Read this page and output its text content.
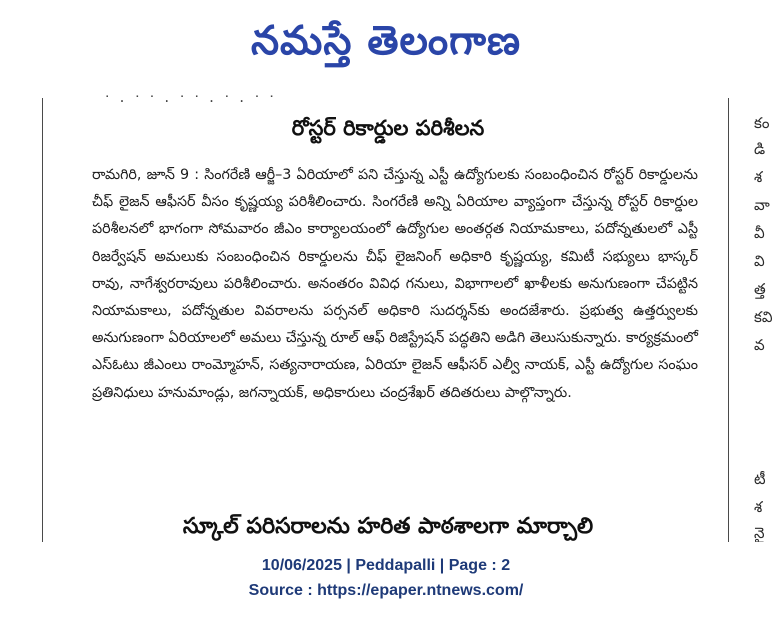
నమస్తే తెలంగాణ
ᐧ . ᐧ ᐧ . ᐧ ᐧ . ᐧ . ᐧ ᐧ
రోస్టర్ రికార్డుల పరిశీలన
రామగిరి, జూన్ 9 : సింగరేణి ఆర్జీ–3 ఏరియాలో పని చేస్తున్న ఎస్టీ ఉద్యోగులకు సంబంధించిన రోస్టర్ రికార్డులను చీఫ్ లైజన్ ఆఫీసర్ వీసం కృష్ణయ్య పరిశీలించారు. సింగరేణి అన్ని ఏరియాల వ్యాప్తంగా చేస్తున్న రోస్టర్ రికార్డుల పరిశీలనలో భాగంగా సోమవారం జీఎం కార్యాలయంలో ఉద్యోగుల అంతర్గత నియామకాలు, పదోన్నతులలో ఎస్టీ రిజర్వేషన్ అమలుకు సంబంధించిన రికార్డులను చీఫ్ లైజనింగ్ అధికారి కృష్ణయ్య, కమిటీ సభ్యులు భాస్కర్ రావు, నాగేశ్వరరావులు పరిశీలించారు. అనంతరం వివిధ గనులు, విభాగాలలో ఖాళీలకు అనుగుణంగా చేపట్టిన నియామకాలు, పదోన్నతుల వివరాలను పర్సనల్ అధికారి సుదర్శన్‌కు అందజేశారు. ప్రభుత్వ ఉత్తర్వులకు అనుగుణంగా ఏరియాలలో అమలు చేస్తున్న రూల్ ఆఫ్ రిజిస్ట్రేషన్ పద్ధతిని అడిగి తెలుసుకున్నారు. కార్యక్రమంలో ఎస్ఓటు జీఎంలు రాంమ్మోహన్, సత్యనారాయణ, ఏరియా లైజన్ ఆఫీసర్ ఎల్వీ నాయక్, ఎస్టీ ఉద్యోగుల సంఘం ప్రతినిధులు హనుమాండ్లు, జగన్నాయక్, అధికారులు చంద్రశేఖర్ తదితరులు పాల్గొన్నారు.
స్కూల్ పరిసరాలను హరిత పాఠశాలగా మార్చాలి
కం
డి
శ
వా
వీ
వి
త్త
కవి
వ
టీ
శ
నై
10/06/2025 | Peddapalli | Page : 2
Source : https://epaper.ntnews.com/
